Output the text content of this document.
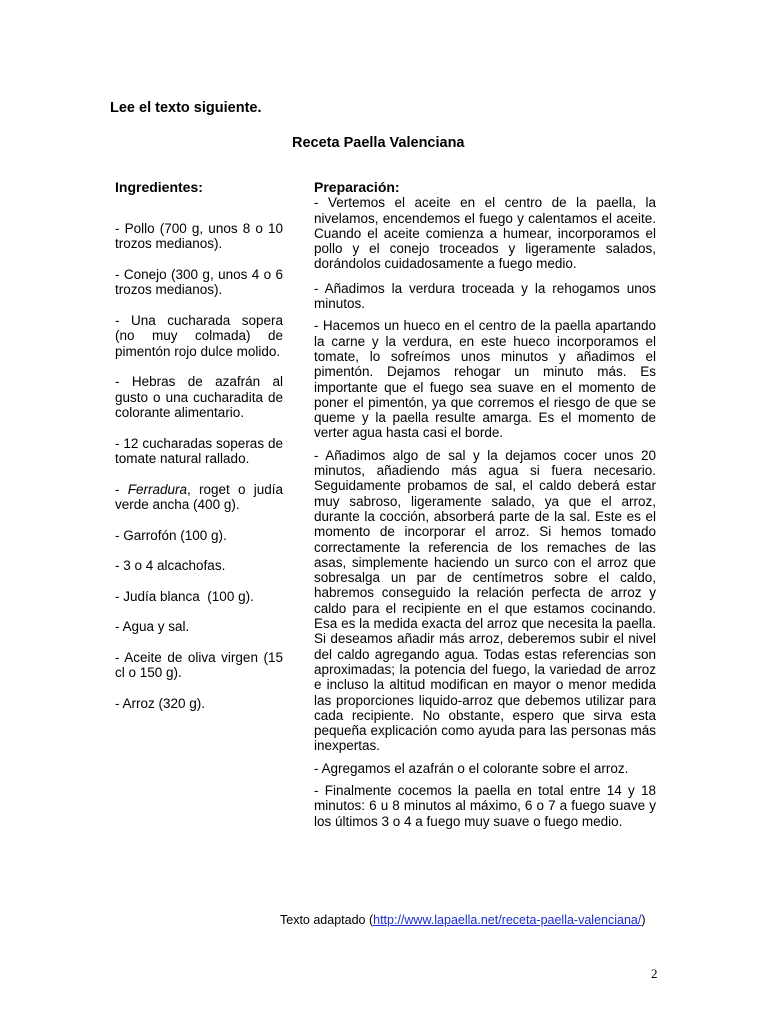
Lee el texto siguiente.
Receta Paella Valenciana
Ingredientes:

- Pollo (700 g, unos 8 o 10 trozos medianos).

- Conejo (300 g, unos 4 o 6 trozos medianos).

- Una cucharada sopera (no muy colmada) de pimentón rojo dulce molido.

- Hebras de azafrán al gusto o una cucharadita de colorante alimentario.

- 12 cucharadas soperas de tomate natural rallado.

- Ferradura, roget o judía verde ancha (400 g).

- Garrofón (100 g).

- 3 o 4 alcachofas.

- Judía blanca  (100 g).

- Agua y sal.

- Aceite de oliva virgen (15 cl o 150 g).

- Arroz (320 g).

Preparación:

- Vertemos el aceite en el centro de la paella, la nivelamos, encendemos el fuego y calentamos el aceite. Cuando el aceite comienza a humear, incorporamos el pollo y el conejo troceados y ligeramente salados, dorándolos cuidadosamente a fuego medio.

- Añadimos la verdura troceada y la rehogamos unos minutos.

- Hacemos un hueco en el centro de la paella apartando la carne y la verdura, en este hueco incorporamos el tomate, lo sofreímos unos minutos y añadimos el pimentón. Dejamos rehogar un minuto más. Es importante que el fuego sea suave en el momento de poner el pimentón, ya que corremos el riesgo de que se queme y la paella resulte amarga. Es el momento de verter agua hasta casi el borde.

- Añadimos algo de sal y la dejamos cocer unos 20 minutos, añadiendo más agua si fuera necesario. Seguidamente probamos de sal, el caldo deberá estar muy sabroso, ligeramente salado, ya que el arroz, durante la cocción, absorberá parte de la sal. Este es el momento de incorporar el arroz. Si hemos tomado correctamente la referencia de los remaches de las asas, simplemente haciendo un surco con el arroz que sobresalga un par de centímetros sobre el caldo, habremos conseguido la relación perfecta de arroz y caldo para el recipiente en el que estamos cocinando. Esa es la medida exacta del arroz que necesita la paella. Si deseamos añadir más arroz, deberemos subir el nivel del caldo agregando agua. Todas estas referencias son aproximadas; la potencia del fuego, la variedad de arroz e incluso la altitud modifican en mayor o menor medida las proporciones liquido-arroz que debemos utilizar para cada recipiente. No obstante, espero que sirva esta pequeña explicación como ayuda para las personas más inexpertas.

- Agregamos el azafrán o el colorante sobre el arroz.

- Finalmente cocemos la paella en total entre 14 y 18 minutos: 6 u 8 minutos al máximo, 6 o 7 a fuego suave y los últimos 3 o 4 a fuego muy suave o fuego medio.

Texto adaptado (http://www.lapaella.net/receta-paella-valenciana/)
2
